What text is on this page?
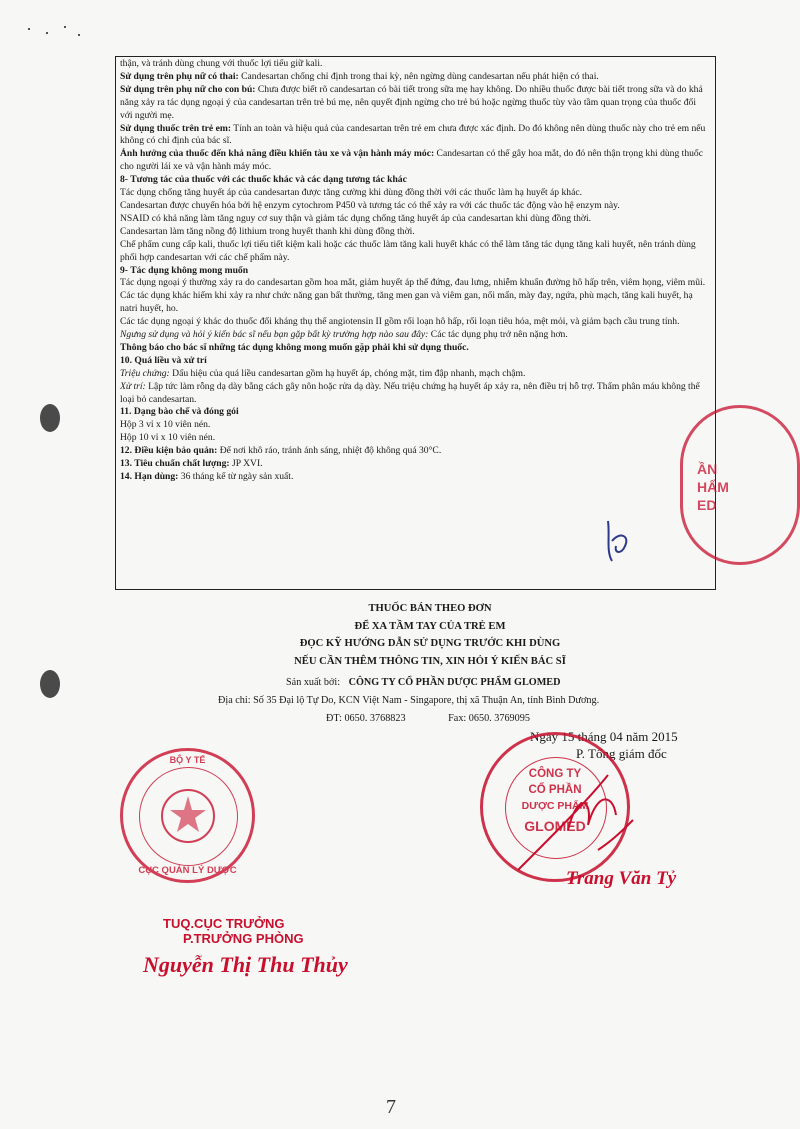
thận, và tránh dùng chung với thuốc lợi tiểu giữ kali.

Sử dụng trên phụ nữ có thai: Candesartan chống chỉ định trong thai kỳ, nên ngừng dùng candesartan nếu phát hiện có thai.

Sử dụng trên phụ nữ cho con bú: Chưa được biết rõ candesartan có bài tiết trong sữa mẹ hay không. Do nhiều thuốc được bài tiết trong sữa và do khả năng xảy ra tác dụng ngoại ý của candesartan trên trẻ bú mẹ, nên quyết định ngừng cho trẻ bú hoặc ngừng thuốc tùy vào tầm quan trọng của thuốc đối với người mẹ.

Sử dụng thuốc trên trẻ em: Tính an toàn và hiệu quả của candesartan trên trẻ em chưa được xác định. Do đó không nên dùng thuốc này cho trẻ em nếu không có chỉ định của bác sĩ.

Ảnh hưởng của thuốc đến khả năng điều khiển tàu xe và vận hành máy móc: Candesartan có thể gây hoa mắt, do đó nên thận trọng khi dùng thuốc cho người lái xe và vận hành máy móc.

8- Tương tác của thuốc với các thuốc khác và các dạng tương tác khác

Tác dụng chống tăng huyết áp của candesartan được tăng cường khi dùng đồng thời với các thuốc làm hạ huyết áp khác.

Candesartan được chuyển hóa bởi hệ enzym cytochrom P450 và tương tác có thể xảy ra với các thuốc tác động vào hệ enzym này.

NSAID có khả năng làm tăng nguy cơ suy thận và giảm tác dụng chống tăng huyết áp của candesartan khi dùng đồng thời.

Candesartan làm tăng nồng độ lithium trong huyết thanh khi dùng đồng thời.

Chế phẩm cung cấp kali, thuốc lợi tiểu tiết kiệm kali hoặc các thuốc làm tăng kali huyết khác có thể làm tăng tác dụng tăng kali huyết, nên tránh dùng phối hợp candesartan với các chế phẩm này.

9- Tác dụng không mong muốn

Tác dụng ngoại ý thường xảy ra do candesartan gồm hoa mắt, giảm huyết áp thế đứng, đau lưng, nhiễm khuẩn đường hô hấp trên, viêm họng, viêm mũi.

Các tác dụng khác hiếm khi xảy ra như chức năng gan bất thường, tăng men gan và viêm gan, nổi mẩn, mày đay, ngứa, phù mạch, tăng kali huyết, hạ natri huyết, ho.

Các tác dụng ngoại ý khác do thuốc đối kháng thụ thể angiotensin II gồm rối loạn hô hấp, rối loạn tiêu hóa, mệt mỏi, và giảm bạch cầu trung tính.

Ngưng sử dụng và hỏi ý kiến bác sĩ nếu bạn gặp bất kỳ trường hợp nào sau đây: Các tác dụng phụ trở nên nặng hơn.

Thông báo cho bác sĩ những tác dụng không mong muốn gặp phải khi sử dụng thuốc.

10. Quá liều và xử trí

Triệu chứng: Dấu hiệu của quá liều candesartan gồm hạ huyết áp, chóng mặt, tim đập nhanh, mạch chậm.

Xử trí: Lập tức làm rỗng dạ dày bằng cách gây nôn hoặc rửa dạ dày. Nếu triệu chứng hạ huyết áp xảy ra, nên điều trị hỗ trợ. Thẩm phân máu không thể loại bỏ candesartan.

11. Dạng bào chế và đóng gói

Hộp 3 vỉ x 10 viên nén.

Hộp 10 vỉ x 10 viên nén.

12. Điều kiện bảo quản: Để nơi khô ráo, tránh ánh sáng, nhiệt độ không quá 30°C.

13. Tiêu chuẩn chất lượng: JP XVI.

14. Hạn dùng: 36 tháng kể từ ngày sản xuất.

THUỐC BÁN THEO ĐƠN
ĐỂ XA TẦM TAY CỦA TRẺ EM
ĐỌC KỸ HƯỚNG DẪN SỬ DỤNG TRƯỚC KHI DÙNG
NẾU CẦN THÊM THÔNG TIN, XIN HỎI Ý KIẾN BÁC SĨ
Sản xuất bởi: CÔNG TY CỔ PHẦN DƯỢC PHẨM GLOMED
Địa chỉ: Số 35 Đại lộ Tự Do, KCN Việt Nam - Singapore, thị xã Thuận An, tỉnh Bình Dương.
ĐT: 0650. 3768823	Fax: 0650. 3769095
Ngày 15 tháng 04 năm 2015
P. Tổng giám đốc
BỘ Y TẾ
CỤC QUẢN LÝ DƯỢC
TUQ.CỤC TRƯỞNG
P.TRƯỞNG PHÒNG
Nguyễn Thị Thu Thủy
CÔNG TY
CỔ PHẦN
DƯỢC PHẨM
GLOMED
ẦN
HẨM
ED
Trang Văn Tỷ
7
